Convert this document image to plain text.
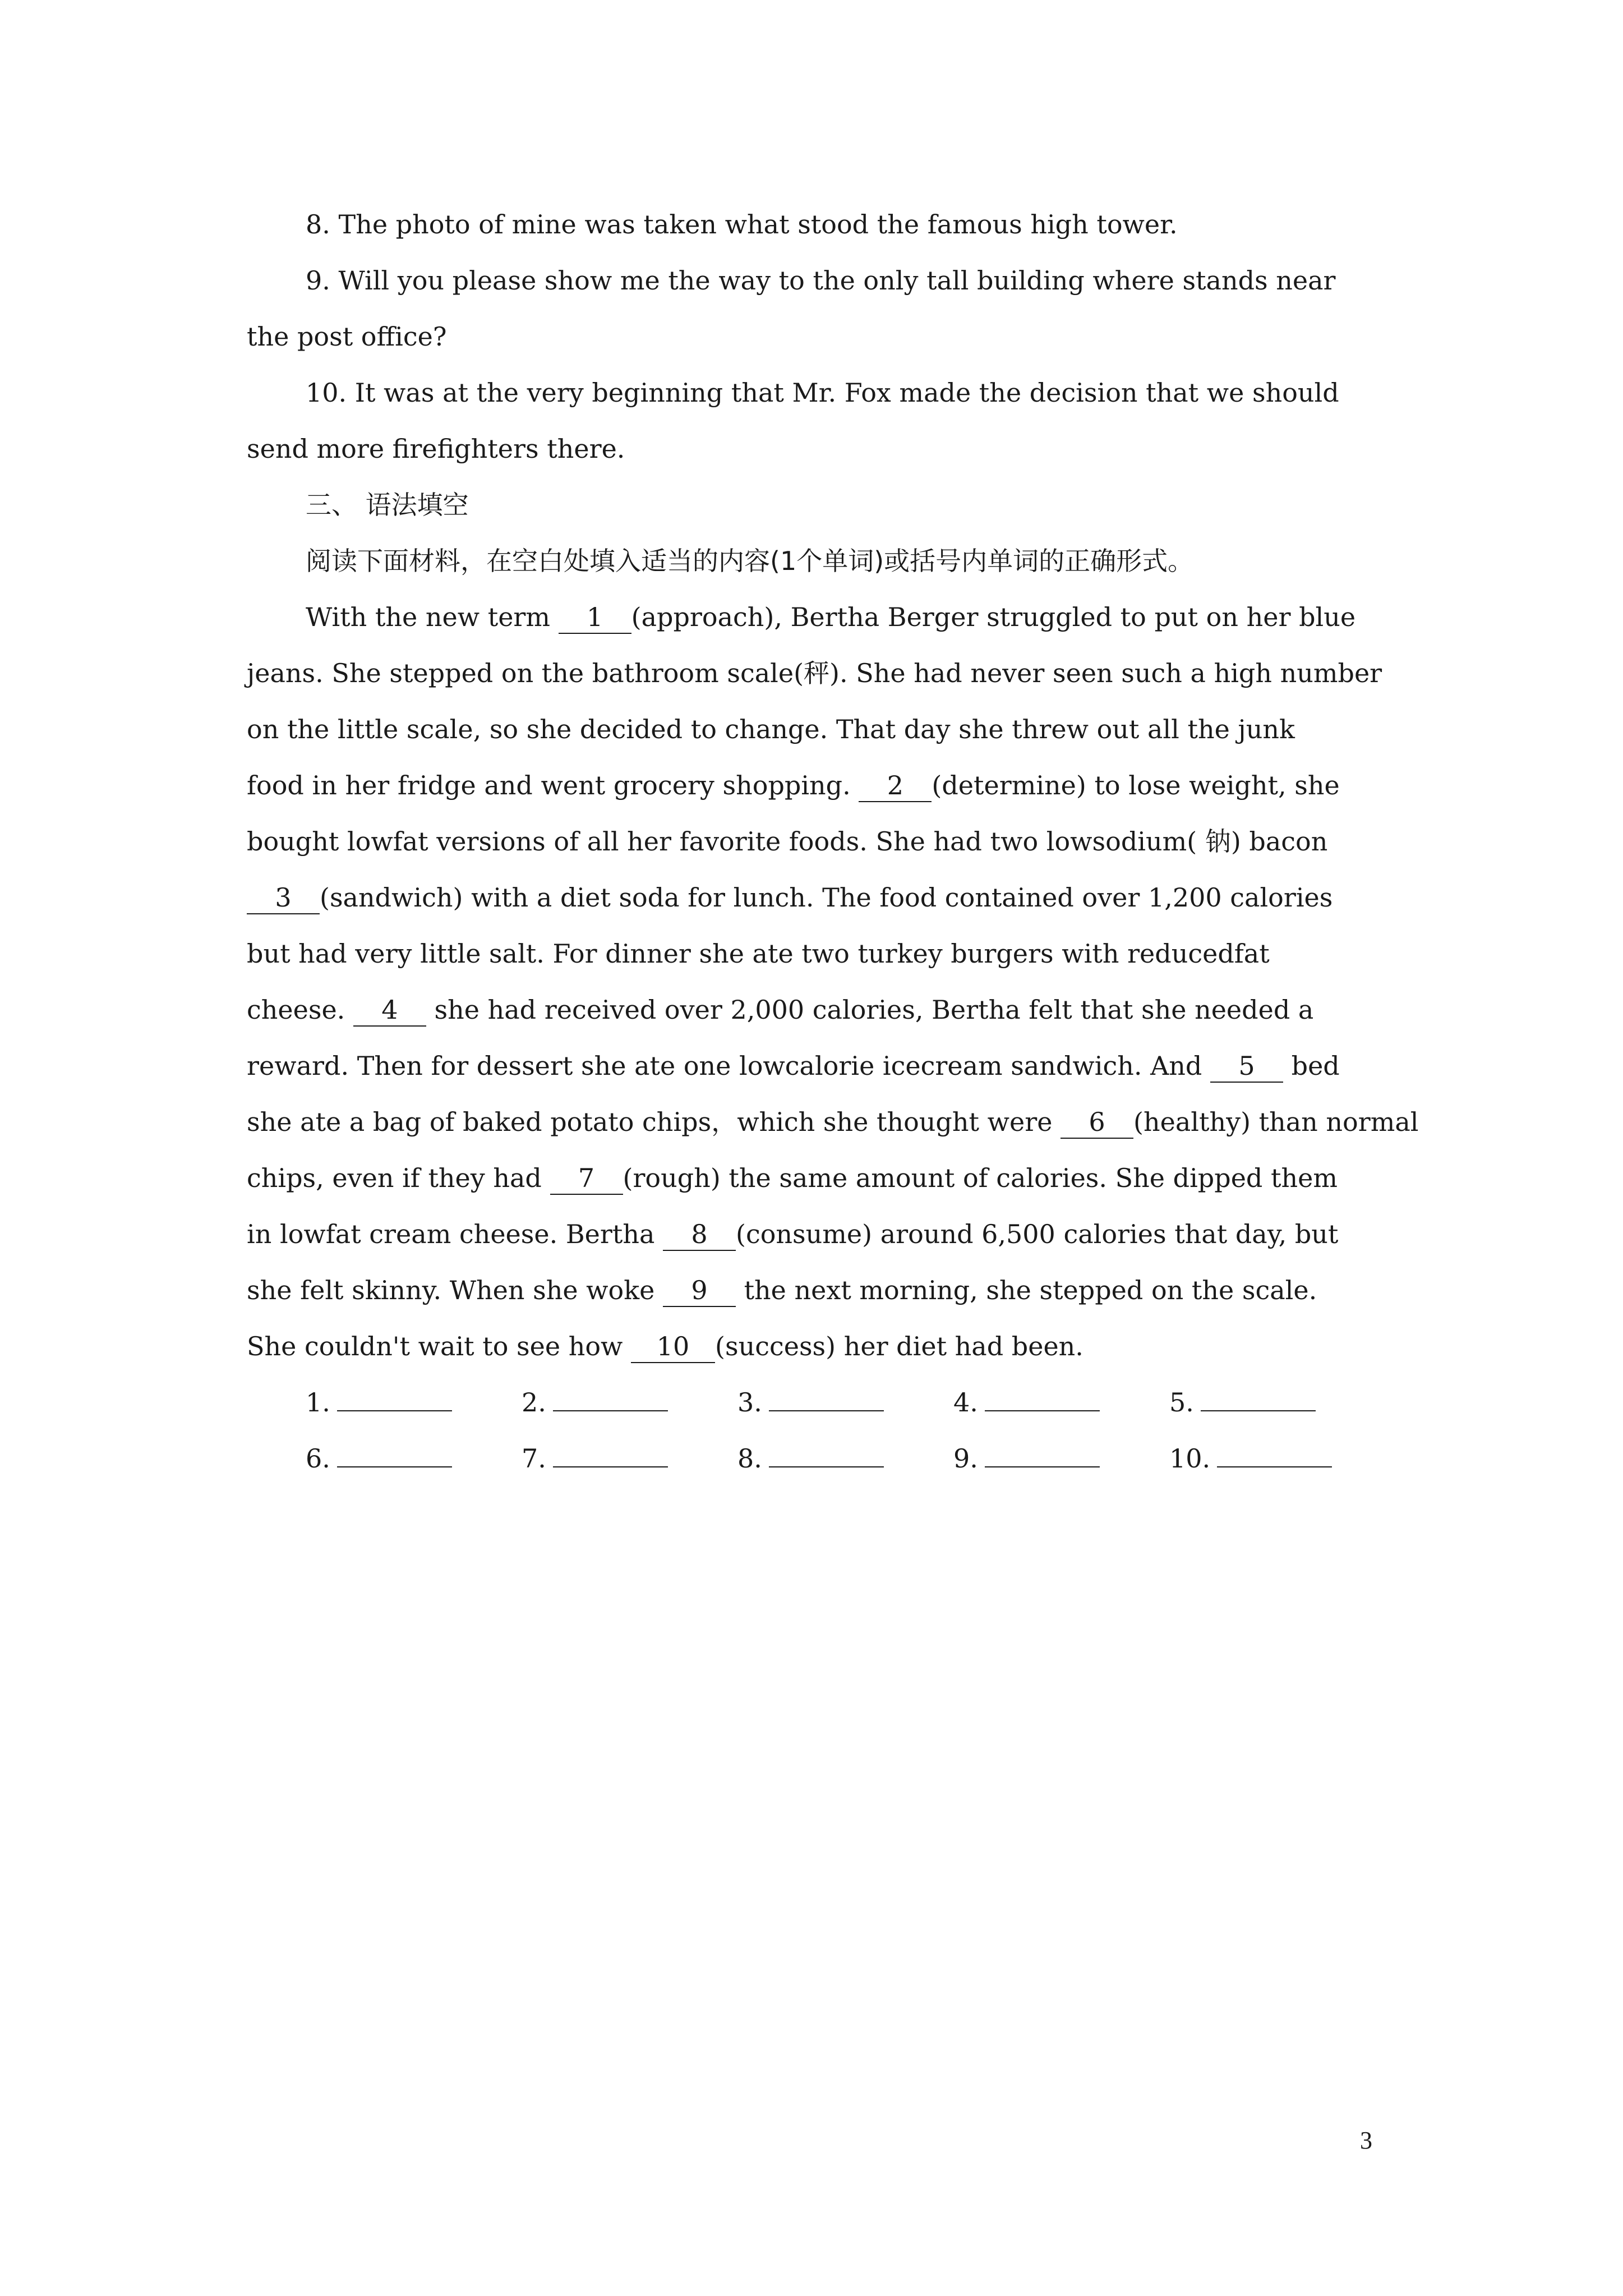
8. The photo of mine was taken what stood the famous high tower.
9. Will you please show me the way to the only tall building where stands near
the post office?
10. It was at the very beginning that Mr. Fox made the decision that we should
send more firefighters there.
三、 语法填空
阅读下面材料，在空白处填入适当的内容(1个单词)或括号内单词的正确形式。
With the new term 1 (approach), Bertha Berger struggled to put on her blue
jeans. She stepped on the bathroom scale(秤). She had never seen such a high number
on the little scale, so she decided to change. That day she threw out all the junk
food in her fridge and went grocery shopping. 2 (determine) to lose weight, she
bought lowfat versions of all her favorite foods. She had two lowsodium( 钠) bacon
3 (sandwich) with a diet soda for lunch. The food contained over 1,200 calories
but had very little salt. For dinner she ate two turkey burgers with reducedfat
cheese. 4
she had received over 2,000 calories, Bertha felt that she needed a
reward. Then for dessert she ate one lowcalorie icecream sandwich. And 5
bed
she ate a bag of baked potato chips，which she thought were 6 (healthy) than normal
chips, even if they had 7 (rough) the same amount of calories. She dipped them
in lowfat cream cheese. Bertha 8 (consume) around 6,500 calories that day, but
she felt skinny. When she woke 9
the next morning, she stepped on the scale.
She couldn't wait to see how 10 (success) her diet had been.
1.	2.	3.	4.	5.
6.	7.	8.	9.	10.
3
